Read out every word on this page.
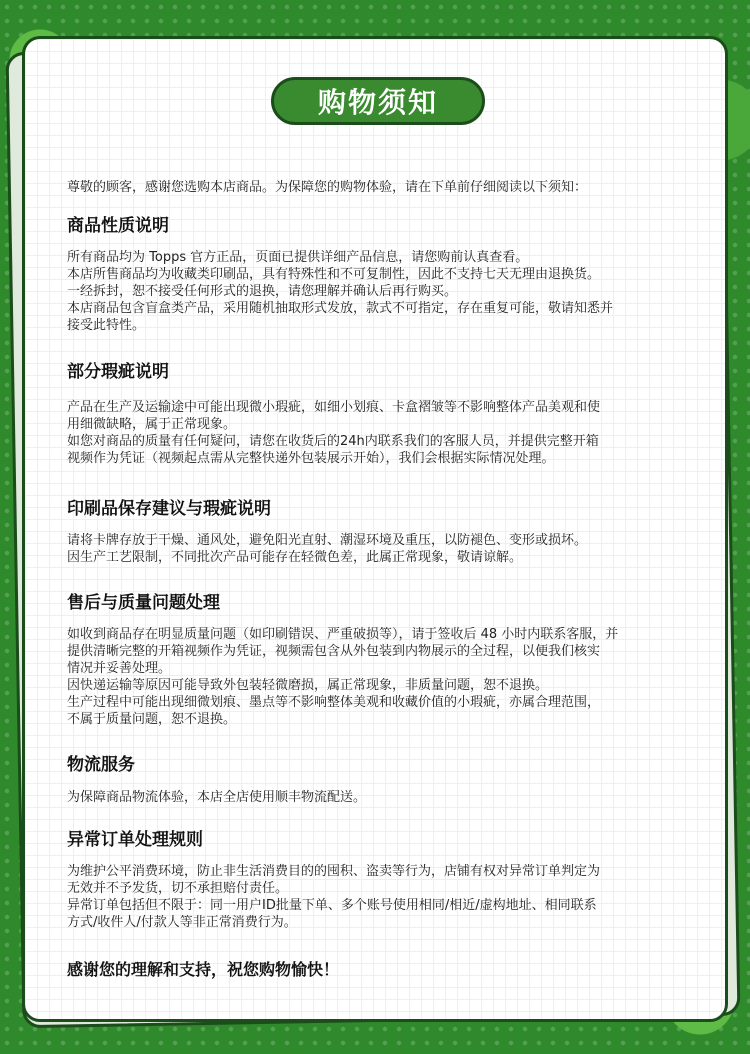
购物须知
尊敬的顾客，感谢您选购本店商品。为保障您的购物体验，请在下单前仔细阅读以下须知：
商品性质说明
所有商品均为 Topps 官方正品，页面已提供详细产品信息，请您购前认真查看。
本店所售商品均为收藏类印刷品，具有特殊性和不可复制性，因此不支持七天无理由退换货。
一经拆封，恕不接受任何形式的退换，请您理解并确认后再行购买。
本店商品包含盲盒类产品，采用随机抽取形式发放，款式不可指定，存在重复可能，敬请知悉并
接受此特性。
部分瑕疵说明
产品在生产及运输途中可能出现微小瑕疵，如细小划痕、卡盒褶皱等不影响整体产品美观和使
用细微缺略，属于正常现象。
如您对商品的质量有任何疑问，请您在收货后的24h内联系我们的客服人员，并提供完整开箱
视频作为凭证（视频起点需从完整快递外包装展示开始），我们会根据实际情况处理。
印刷品保存建议与瑕疵说明
请将卡牌存放于干燥、通风处，避免阳光直射、潮湿环境及重压，以防褪色、变形或损坏。
因生产工艺限制，不同批次产品可能存在轻微色差，此属正常现象，敬请谅解。
售后与质量问题处理
如收到商品存在明显质量问题（如印刷错误、严重破损等），请于签收后 48 小时内联系客服，并
提供清晰完整的开箱视频作为凭证，视频需包含从外包装到内物展示的全过程，以便我们核实
情况并妥善处理。
因快递运输等原因可能导致外包装轻微磨损，属正常现象，非质量问题，恕不退换。
生产过程中可能出现细微划痕、墨点等不影响整体美观和收藏价值的小瑕疵，亦属合理范围，
不属于质量问题，恕不退换。
物流服务
为保障商品物流体验，本店全店使用顺丰物流配送。
异常订单处理规则
为维护公平消费环境，防止非生活消费目的的囤积、盗卖等行为，店铺有权对异常订单判定为
无效并不予发货，切不承担赔付责任。
异常订单包括但不限于：同一用户ID批量下单、多个账号使用相同/相近/虚构地址、相同联系
方式/收件人/付款人等非正常消费行为。
感谢您的理解和支持，祝您购物愉快！
